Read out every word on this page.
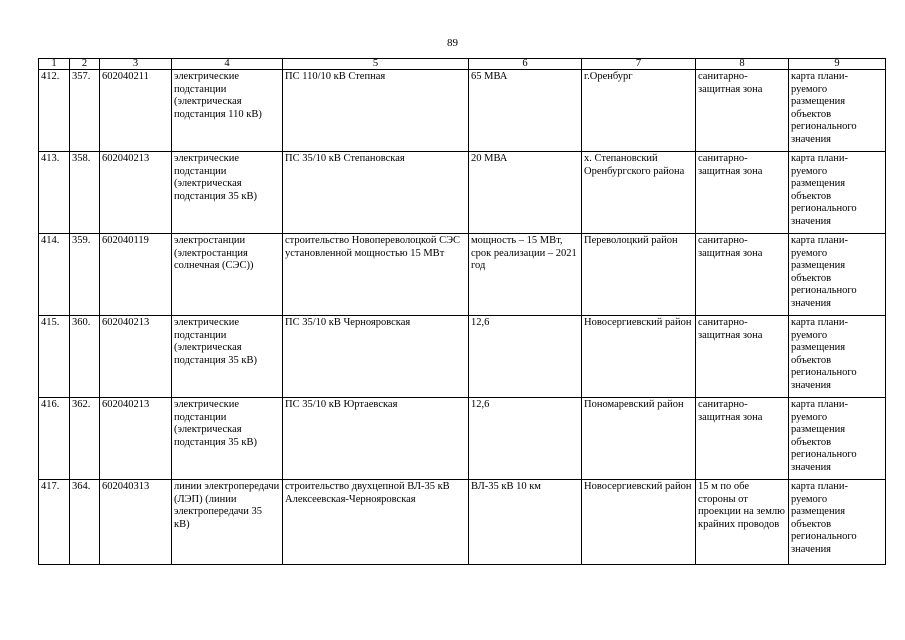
89
1	2	3	4	5	6	7	8	9
412.	357.	602040211	электрические подстанции (электрическая подстанция 110 кВ)	ПС 110/10 кВ Степная	65 МВА	г.Оренбург	санитарно-защитная зона	карта плани-руемого размещения объектов регионального значения
413.	358.	602040213	электрические подстанции (электрическая подстанция 35 кВ)	ПС 35/10 кВ Степановская	20 МВА	х. Степановский Оренбургского района	санитарно-защитная зона	карта плани-руемого размещения объектов регионального значения
414.	359.	602040119	электростанции (электростанция солнечная (СЭС))	строительство Новопереволоцкой СЭС установленной мощностью 15 МВт	мощность – 15 МВт, срок реализации – 2021 год	Переволоцкий район	санитарно-защитная зона	карта плани-руемого размещения объектов регионального значения
415.	360.	602040213	электрические подстанции (электрическая подстанция 35 кВ)	ПС 35/10 кВ Чернояровская	12,6	Новосергиевский район	санитарно-защитная зона	карта плани-руемого размещения объектов регионального значения
416.	362.	602040213	электрические подстанции (электрическая подстанция 35 кВ)	ПС 35/10 кВ Юртаевская	12,6	Пономаревский район	санитарно-защитная зона	карта плани-руемого размещения объектов регионального значения
417.	364.	602040313	линии электропередачи (ЛЭП) (линии электропередачи 35 кВ)	строительство двухцепной ВЛ-35 кВ Алексеевская-Чернояровская	ВЛ-35 кВ 10 км	Новосергиевский район	15 м по обе стороны от проекции на землю крайних проводов	карта плани-руемого размещения объектов регионального значения
